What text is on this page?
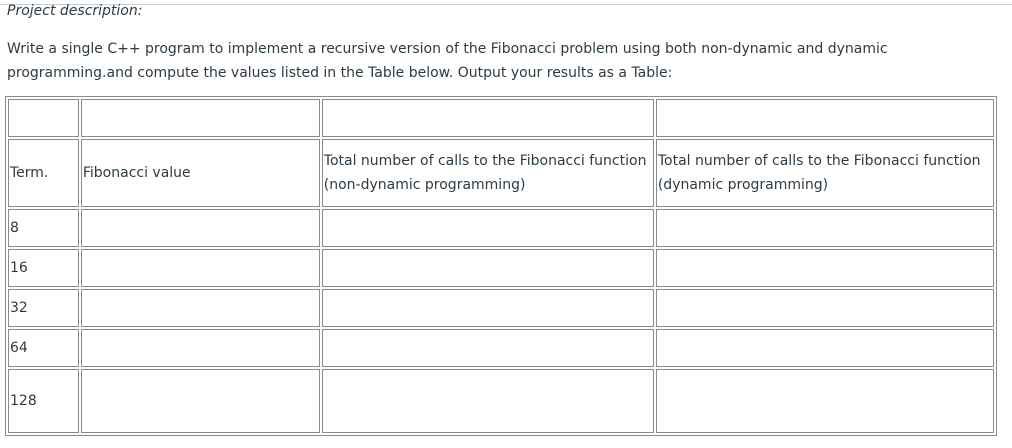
Project description:
Write a single C++ program to implement a recursive version of the Fibonacci problem using both non-dynamic and dynamic programming.and compute the values listed in the Table below. Output your results as a Table:

Term.	Fibonacci value	Total number of calls to the Fibonacci function (non-dynamic programming)	Total number of calls to the Fibonacci function (dynamic programming)
8			
16			
32			
64			
128			
